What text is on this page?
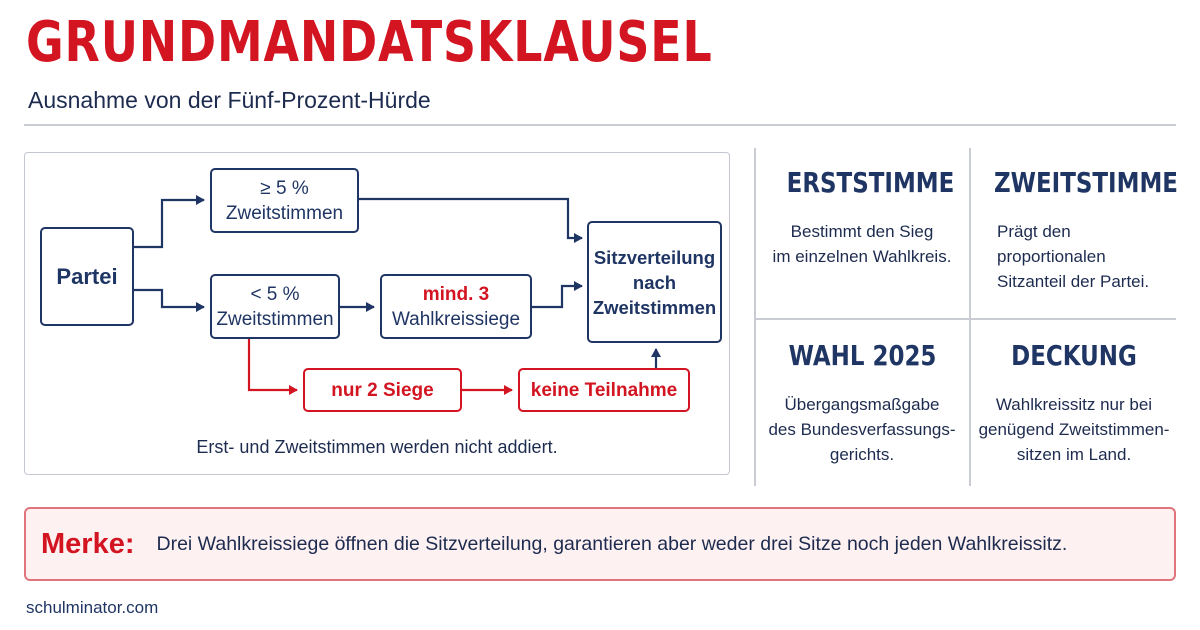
GRUNDMANDATSKLAUSEL
Ausnahme von der Fünf-Prozent-Hürde
Partei
≥ 5 %
Zweitstimmen
< 5 %
Zweitstimmen
mind. 3
Wahlkreissiege
Sitzverteilung
nach
Zweitstimmen
nur 2 Siege	keine Teilnahme
Erst- und Zweitstimmen werden nicht addiert.
ERSTSTIMME
Bestimmt den Sieg
im einzelnen Wahlkreis.
ZWEITSTIMME
Prägt den
proportionalen
Sitzanteil der Partei.
WAHL 2025
Übergangsmaßgabe
des Bundesverfassungs-
gerichts.
DECKUNG
Wahlkreissitz nur bei
genügend Zweitstimmen-
sitzen im Land.
Merke: Drei Wahlkreissiege öffnen die Sitzverteilung, garantieren aber weder drei Sitze noch jeden Wahlkreissitz.
schulminator.com
